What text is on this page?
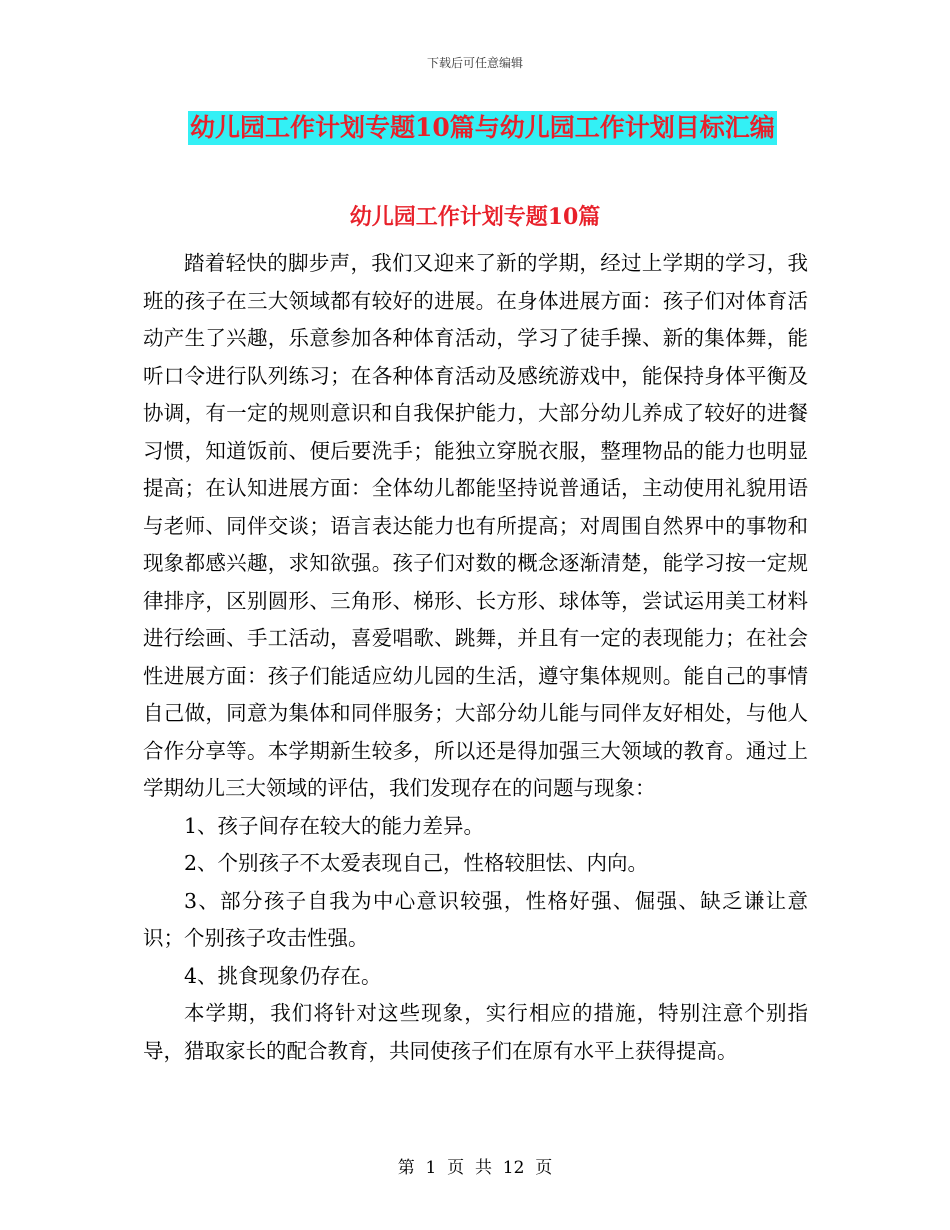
下载后可任意编辑
幼儿园工作计划专题10篇与幼儿园工作计划目标汇编
幼儿园工作计划专题10篇

踏着轻快的脚步声，我们又迎来了新的学期，经过上学期的学习，我班的孩子在三大领域都有较好的进展。在身体进展方面：孩子们对体育活动产生了兴趣，乐意参加各种体育活动，学习了徒手操、新的集体舞，能听口令进行队列练习；在各种体育活动及感统游戏中，能保持身体平衡及协调，有一定的规则意识和自我保护能力，大部分幼儿养成了较好的进餐习惯，知道饭前、便后要洗手；能独立穿脱衣服，整理物品的能力也明显提高；在认知进展方面：全体幼儿都能坚持说普通话，主动使用礼貌用语与老师、同伴交谈；语言表达能力也有所提高；对周围自然界中的事物和现象都感兴趣，求知欲强。孩子们对数的概念逐渐清楚，能学习按一定规律排序，区别圆形、三角形、梯形、长方形、球体等，尝试运用美工材料进行绘画、手工活动，喜爱唱歌、跳舞，并且有一定的表现能力；在社会性进展方面：孩子们能适应幼儿园的生活，遵守集体规则。能自己的事情自己做，同意为集体和同伴服务；大部分幼儿能与同伴友好相处，与他人合作分享等。本学期新生较多，所以还是得加强三大领域的教育。通过上学期幼儿三大领域的评估，我们发现存在的问题与现象：

1、孩子间存在较大的能力差异。

2、个别孩子不太爱表现自己，性格较胆怯、内向。

3、部分孩子自我为中心意识较强，性格好强、倔强、缺乏谦让意识；个别孩子攻击性强。

4、挑食现象仍存在。

本学期，我们将针对这些现象，实行相应的措施，特别注意个别指导，猎取家长的配合教育，共同使孩子们在原有水平上获得提高。

第  1  页  共  12  页
